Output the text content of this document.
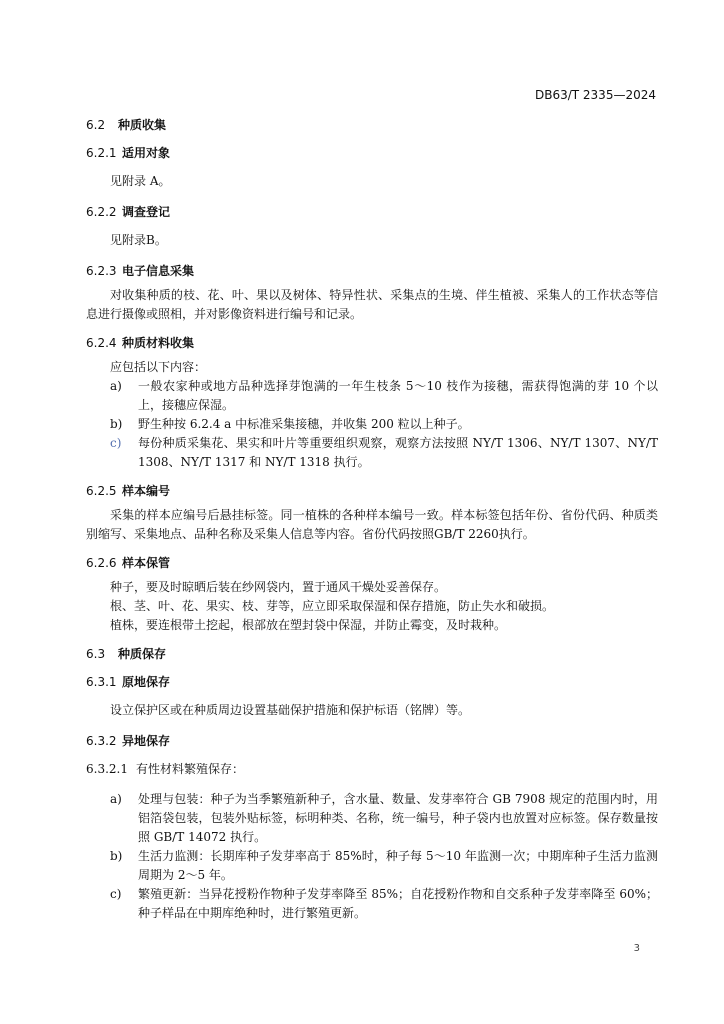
DB63/T 2335—2024
6.2 种质收集
6.2.1 适用对象

见附录 A。

6.2.2 调查登记

见附录B。

6.2.3 电子信息采集

对收集种质的枝、花、叶、果以及树体、特异性状、采集点的生境、伴生植被、采集人的工作状态等信息进行摄像或照相，并对影像资料进行编号和记录。

6.2.4 种质材料收集

应包括以下内容：

a)	一般农家种或地方品种选择芽饱满的一年生枝条 5～10 枝作为接穗，需获得饱满的芽 10 个以上，接穗应保湿。
b)	野生种按 6.2.4 a 中标准采集接穗，并收集 200 粒以上种子。
c)	每份种质采集花、果实和叶片等重要组织观察，观察方法按照 NY/T 1306、NY/T 1307、NY/T 1308、NY/T 1317 和 NY/T 1318 执行。
6.2.5 样本编号

采集的样本应编号后悬挂标签。同一植株的各种样本编号一致。样本标签包括年份、省份代码、种质类别缩写、采集地点、品种名称及采集人信息等内容。省份代码按照GB/T 2260执行。

6.2.6 样本保管

种子，要及时晾晒后装在纱网袋内，置于通风干燥处妥善保存。

根、茎、叶、花、果实、枝、芽等，应立即采取保湿和保存措施，防止失水和破损。

植株，要连根带土挖起，根部放在塑封袋中保湿，并防止霉变，及时栽种。

6.3 种质保存
6.3.1 原地保存

设立保护区或在种质周边设置基础保护措施和保护标语（铭牌）等。

6.3.2 异地保存
6.3.2.1 有性材料繁殖保存：
a)	处理与包装：种子为当季繁殖新种子，含水量、数量、发芽率符合 GB 7908 规定的范围内时，用铝箔袋包装，包装外贴标签，标明种类、名称，统一编号，种子袋内也放置对应标签。保存数量按照 GB/T 14072 执行。
b)	生活力监测：长期库种子发芽率高于 85%时，种子每 5～10 年监测一次；中期库种子生活力监测周期为 2～5 年。
c)	繁殖更新：当异花授粉作物种子发芽率降至 85%；自花授粉作物和自交系种子发芽率降至 60%；种子样品在中期库绝种时，进行繁殖更新。
3
